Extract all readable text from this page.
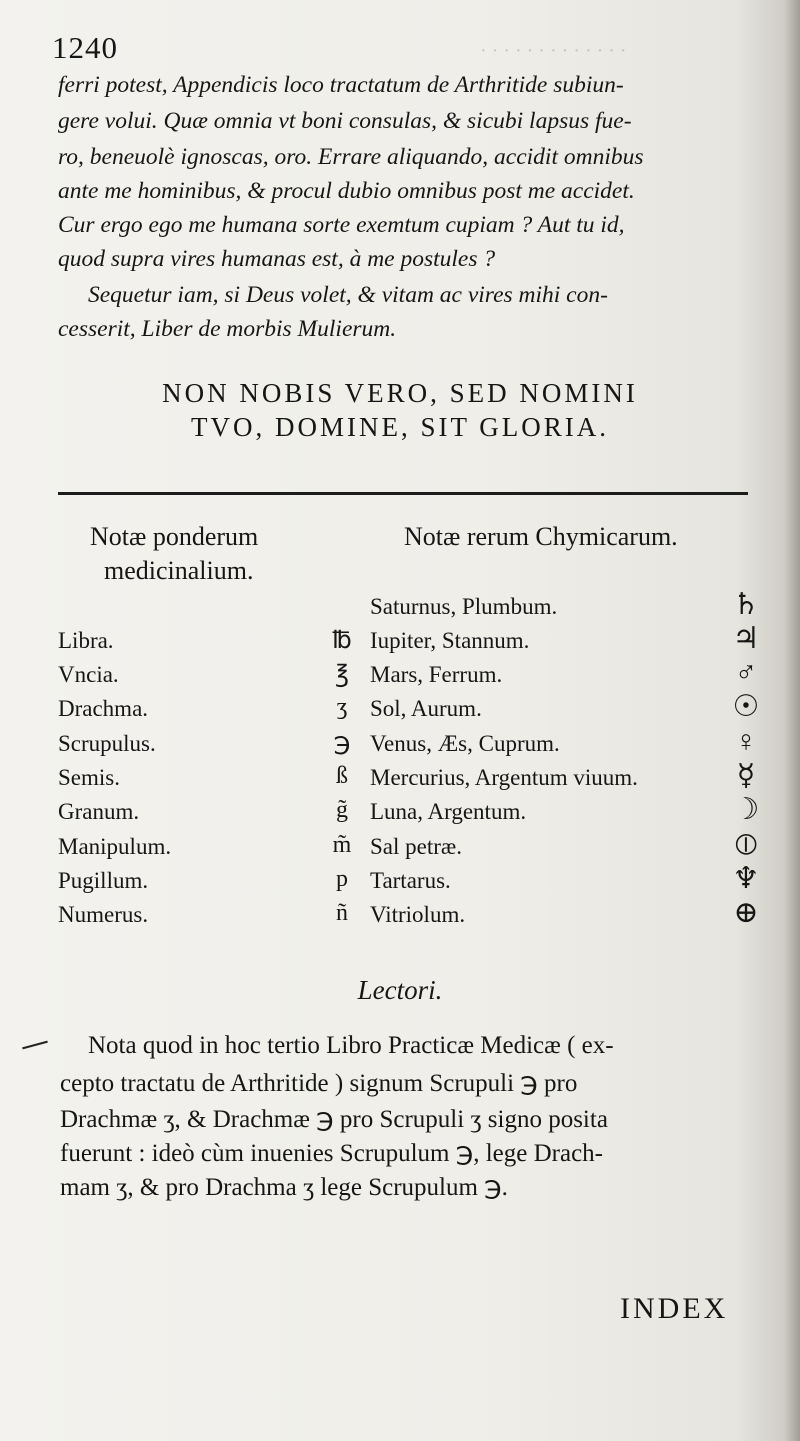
· · · · · · · · · · · · ·
1240
ferri potest, Appendicis loco tractatum de Arthritide subiun-
gere volui. Quæ omnia vt boni consulas, & sicubi lapsus fue-
ro, beneuolè ignoscas, oro. Errare aliquando, accidit omnibus
ante me hominibus, & procul dubio omnibus post me accidet.
Cur ergo ego me humana sorte exemtum cupiam ? Aut tu id,
quod supra vires humanas est, à me postules ?
Sequetur iam, si Deus volet, & vitam ac vires mihi con-
cesserit, Liber de morbis Mulierum.
NON NOBIS VERO, SED NOMINI
TVO, DOMINE, SIT GLORIA.
Notæ ponderum
medicinalium.
Notæ rerum Chymicarum.
Saturnus, Plumbum.	♄
Libra.	℔ Iupiter, Stannum.	♃
Vncia.	℥ Mars, Ferrum.	♂
Drachma.	ʒ Sol, Aurum.	☉
Scrupulus.	℈ Venus, Æs, Cuprum.	♀
Semis.	ß Mercurius, Argentum viuum.	☿
Granum.	g̃ Luna, Argentum.	☽
Manipulum.	m̃ Sal petræ.	⦶
Pugillum.	p Tartarus.	♆
Numerus.	ñ Vitriolum.	⊕
Lectori.
Nota quod in hoc tertio Libro Practicæ Medicæ ( ex-
cepto tractatu de Arthritide ) signum Scrupuli ℈ pro
Drachmæ ʒ, & Drachmæ ℈ pro Scrupuli ʒ signo posita
fuerunt : ideò cùm inuenies Scrupulum ℈, lege Drach-
mam ʒ, & pro Drachma ʒ lege Scrupulum ℈.
INDEX
